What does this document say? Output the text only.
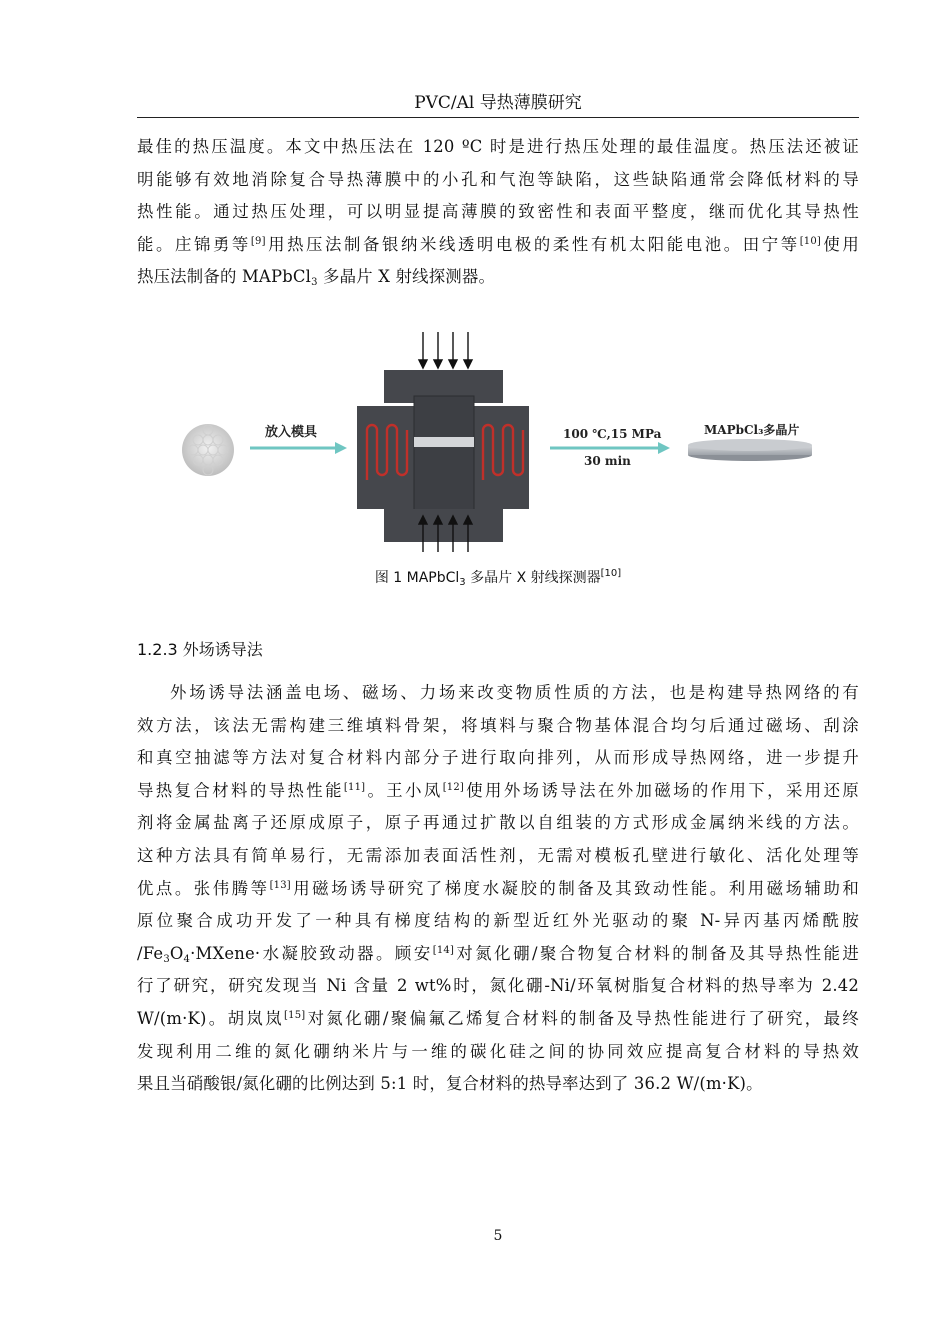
PVC/Al 导热薄膜研究
最佳的热压温度。本文中热压法在 120 ºC 时是进行热压处理的最佳温度。热压法还被证
明能够有效地消除复合导热薄膜中的小孔和气泡等缺陷，这些缺陷通常会降低材料的导
热性能。通过热压处理，可以明显提高薄膜的致密性和表面平整度，继而优化其导热性
能。庄锦勇等[9]用热压法制备银纳米线透明电极的柔性有机太阳能电池。田宁等[10]使用
热压法制备的 MAPbCl$_3$ 多晶片 X 射线探测器。
放入模具	100 ℃,15 MPa
30 min
MAPbCl₃多晶片
图 1 MAPbCl$_3$ 多晶片 X 射线探测器[10]
1.2.3 外场诱导法
外场诱导法涵盖电场、磁场、力场来改变物质性质的方法，也是构建导热网络的有
效方法，该法无需构建三维填料骨架，将填料与聚合物基体混合均匀后通过磁场、刮涂
和真空抽滤等方法对复合材料内部分子进行取向排列，从而形成导热网络，进一步提升
导热复合材料的导热性能[11]。王小凤[12]使用外场诱导法在外加磁场的作用下，采用还原
剂将金属盐离子还原成原子，原子再通过扩散以自组装的方式形成金属纳米线的方法。
这种方法具有简单易行，无需添加表面活性剂，无需对模板孔壁进行敏化、活化处理等
优点。张伟腾等[13]用磁场诱导研究了梯度水凝胶的制备及其致动性能。利用磁场辅助和
原位聚合成功开发了一种具有梯度结构的新型近红外光驱动的聚 N-异丙基丙烯酰胺
$/Fe_3O_4\cdot MXene\cdot$水凝胶致动器。顾安[14]对氮化硼/聚合物复合材料的制备及其导热性能进
行了研究，研究发现当 Ni 含量 2 wt%时，氮化硼-Ni/环氧树脂复合材料的热导率为 2.42
W/(m·K)。胡岚岚[15]对氮化硼/聚偏氟乙烯复合材料的制备及导热性能进行了研究，最终
发现利用二维的氮化硼纳米片与一维的碳化硅之间的协同效应提高复合材料的导热效
果且当硝酸银/氮化硼的比例达到 5:1 时，复合材料的热导率达到了 36.2 W/(m·K)。
5
